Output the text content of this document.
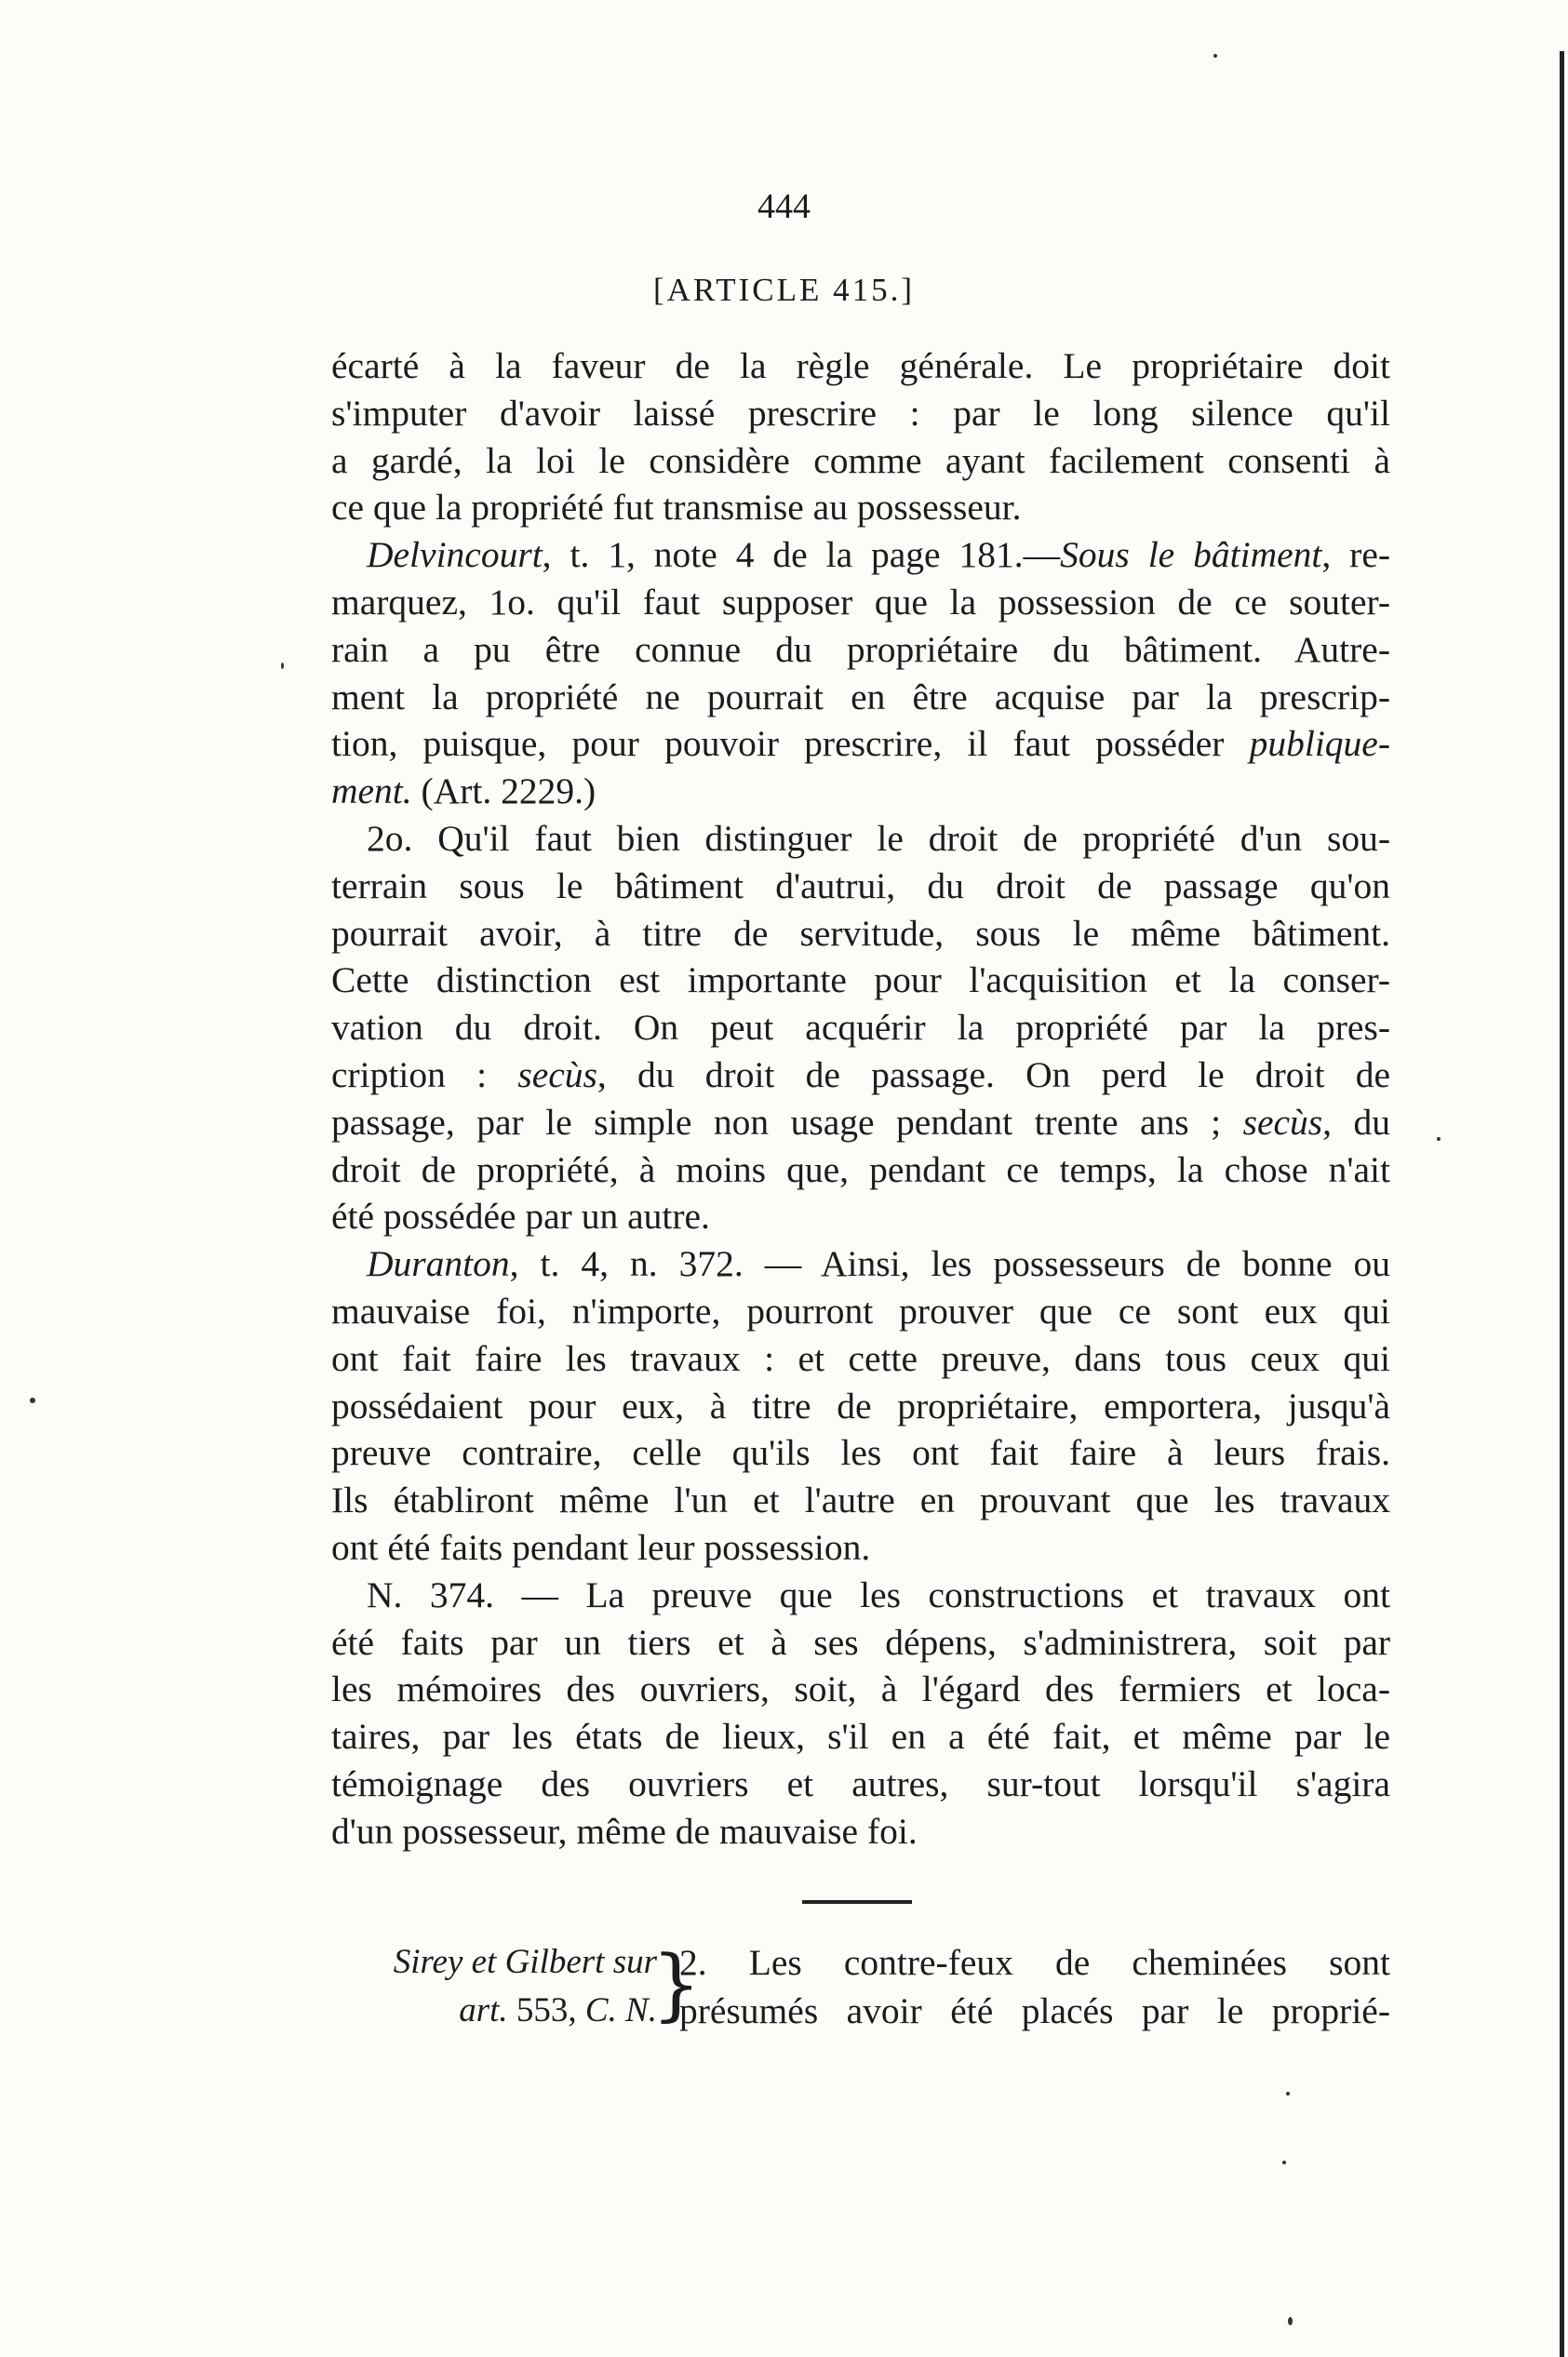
444
[ARTICLE 415.]
écarté à la faveur de la règle générale. Le propriétaire doit
s'imputer d'avoir laissé prescrire : par le long silence qu'il
a gardé, la loi le considère comme ayant facilement consenti à
ce que la propriété fut transmise au possesseur.
Delvincourt, t. 1, note 4 de la page 181.—Sous le bâtiment, re-
marquez, 1o. qu'il faut supposer que la possession de ce souter-
rain a pu être connue du propriétaire du bâtiment. Autre-
ment la propriété ne pourrait en être acquise par la prescrip-
tion, puisque, pour pouvoir prescrire, il faut posséder publique-
ment. (Art. 2229.)
2o. Qu'il faut bien distinguer le droit de propriété d'un sou-
terrain sous le bâtiment d'autrui, du droit de passage qu'on
pourrait avoir, à titre de servitude, sous le même bâtiment.
Cette distinction est importante pour l'acquisition et la conser-
vation du droit. On peut acquérir la propriété par la pres-
cription : secùs, du droit de passage. On perd le droit de
passage, par le simple non usage pendant trente ans ; secùs, du
droit de propriété, à moins que, pendant ce temps, la chose n'ait
été possédée par un autre.
Duranton, t. 4, n. 372. — Ainsi, les possesseurs de bonne ou
mauvaise foi, n'importe, pourront prouver que ce sont eux qui
ont fait faire les travaux : et cette preuve, dans tous ceux qui
possédaient pour eux, à titre de propriétaire, emportera, jusqu'à
preuve contraire, celle qu'ils les ont fait faire à leurs frais.
Ils établiront même l'un et l'autre en prouvant que les travaux
ont été faits pendant leur possession.
N. 374. — La preuve que les constructions et travaux ont
été faits par un tiers et à ses dépens, s'administrera, soit par
les mémoires des ouvriers, soit, à l'égard des fermiers et loca-
taires, par les états de lieux, s'il en a été fait, et même par le
témoignage des ouvriers et autres, sur-tout lorsqu'il s'agira
d'un possesseur, même de mauvaise foi.
Sirey et Gilbert sur
art. 553, C. N.
}
2. Les contre-feux de cheminées sont
présumés avoir été placés par le proprié-
